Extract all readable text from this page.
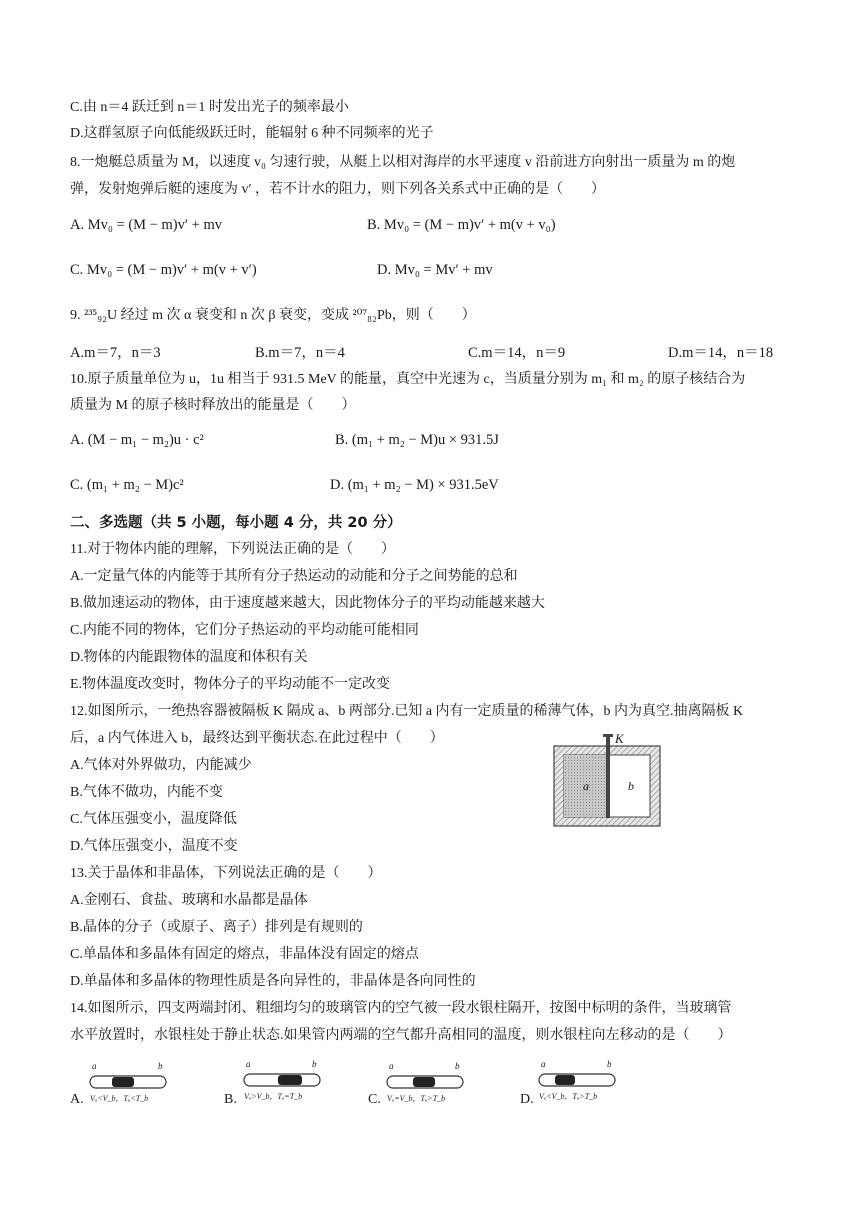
C.由 n＝4 跃迁到 n＝1 时发出光子的频率最小
D.这群氢原子向低能级跃迁时，能辐射 6 种不同频率的光子
8.一炮艇总质量为 M，以速度 v₀ 匀速行驶，从艇上以相对海岸的水平速度 v 沿前进方向射出一质量为 m 的炮
弹，发射炮弹后艇的速度为 v′ ，若不计水的阻力，则下列各关系式中正确的是（　　）
A. Mv₀ = (M − m)v′ + mv	B. Mv₀ = (M − m)v′ + m(v + v₀)
C. Mv₀ = (M − m)v′ + m(v + v′)	D. Mv₀ = Mv′ + mv
9. ²³⁵₉₂U 经过 m 次 α 衰变和 n 次 β 衰变，变成 ²⁰⁷₈₂Pb，则（　　）
A.m＝7，n＝3	B.m＝7，n＝4	C.m＝14，n＝9	D.m＝14，n＝18
10.原子质量单位为 u，1u 相当于 931.5 MeV 的能量，真空中光速为 c，当质量分别为 m₁ 和 m₂ 的原子核结合为
质量为 M 的原子核时释放出的能量是（　　）
A. (M − m₁ − m₂)u · c²	B. (m₁ + m₂ − M)u × 931.5J
C. (m₁ + m₂ − M)c²	D. (m₁ + m₂ − M) × 931.5eV
二、多选题（共 5 小题，每小题 4 分，共 20 分）
11.对于物体内能的理解，下列说法正确的是（　　）
A.一定量气体的内能等于其所有分子热运动的动能和分子之间势能的总和
B.做加速运动的物体，由于速度越来越大，因此物体分子的平均动能越来越大
C.内能不同的物体，它们分子热运动的平均动能可能相同
D.物体的内能跟物体的温度和体积有关
E.物体温度改变时，物体分子的平均动能不一定改变
12.如图所示，一绝热容器被隔板 K 隔成 a、b 两部分.已知 a 内有一定质量的稀薄气体，b 内为真空.抽离隔板 K
后，a 内气体进入 b，最终达到平衡状态.在此过程中（　　）
A.气体对外界做功，内能减少
B.气体不做功，内能不变
C.气体压强变小，温度降低
D.气体压强变小，温度不变
K
a	b
13.关于晶体和非晶体，下列说法正确的是（　　）
A.金刚石、食盐、玻璃和水晶都是晶体
B.晶体的分子（或原子、离子）排列是有规则的
C.单晶体和多晶体有固定的熔点，非晶体没有固定的熔点
D.单晶体和多晶体的物理性质是各向异性的，非晶体是各向同性的
14.如图所示，四支两端封闭、粗细均匀的玻璃管内的空气被一段水银柱隔开，按图中标明的条件，当玻璃管
水平放置时，水银柱处于静止状态.如果管内两端的空气都升高相同的温度，则水银柱向左移动的是（　　）
A.
a	b
Vₐ<V_b，Tₐ<T_b	B.
a	b
Vₐ>V_b，Tₐ=T_b	C.
a	b
Vₐ=V_b，Tₐ>T_b	D.
a	b
Vₐ<V_b，Tₐ>T_b
